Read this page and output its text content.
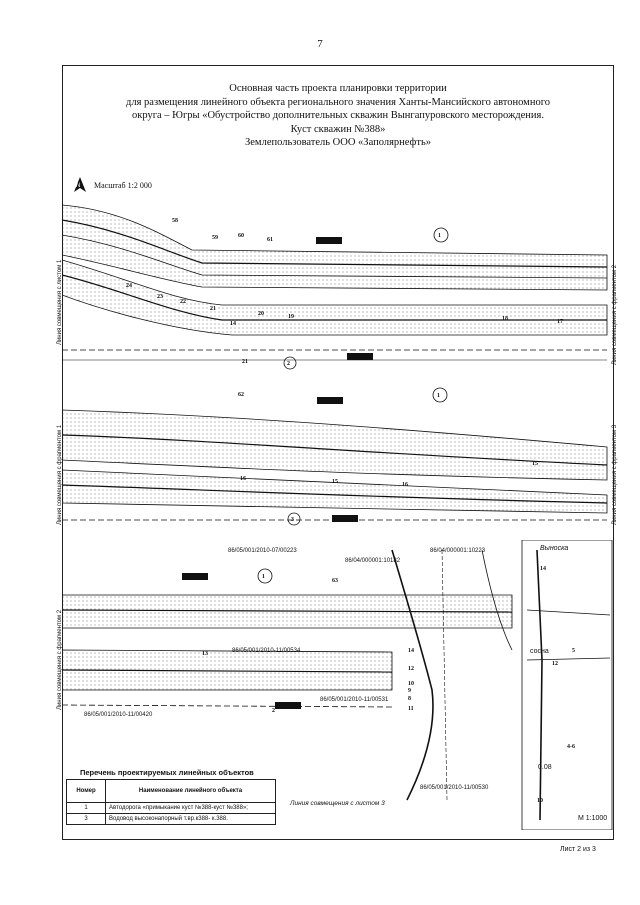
7
Основная часть проекта планировки территории
для размещения линейного объекта регионального значения Ханты-Мансийского автономного
округа – Югры «Обустройство дополнительных скважин Вынгапуровского месторождения.
Куст скважин №388»
Землепользователь ООО «Заполярнефть»
N Масштаб 1:2 000
1
2
58
59	60
61
24
23
22
21
20	19	18	17
14
21
1
3
62
16	15	16
15
1
63
13
2
14
12
10
9
8
11
14
12
5
4-6
10
Линия совмещения с листом 1	Линия совмещения с фрагментом 2
Линия совмещения с фрагментом 1	Линия совмещения с фрагментом 3
Линия совмещения с фрагментом 2
86/05/001/2010-07/00223
86/04/000001:10182
86/04/000001:10223
86/05/001/2010-11/00534
86/05/001/2010-11/00420
86/05/001/2010-11/00531
86/05/001/2010-11/00530
Выноска
сосна
0.08
М 1:1000
Линия совмещения с листом 3
Перечень проектируемых линейных объектов
Номер	Наименование линейного объекта
1	Автодорога «примыкание куст №388-куст №388»;
3	Водовод высоконапорный т.вр.к388- к.388.
Лист 2 из 3
